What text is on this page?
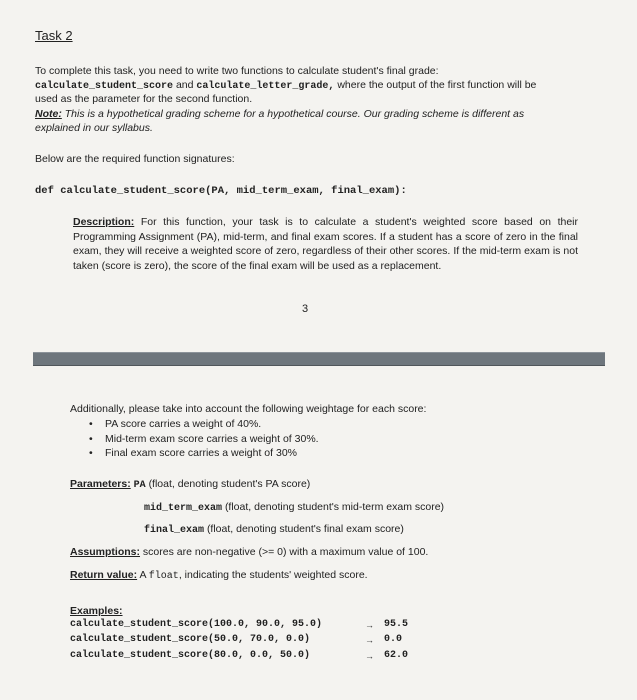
Task 2
To complete this task, you need to write two functions to calculate student's final grade:
calculate_student_score and calculate_letter_grade, where the output of the first function will be
used as the parameter for the second function.
Note: This is a hypothetical grading scheme for a hypothetical course. Our grading scheme is different as
explained in our syllabus.
Below are the required function signatures:
def calculate_student_score(PA, mid_term_exam, final_exam):
Description: For this function, your task is to calculate a student's weighted score based on their Programming Assignment (PA), mid-term, and final exam scores. If a student has a score of zero in the final exam, they will receive a weighted score of zero, regardless of their other scores. If the mid-term exam is not taken (score is zero), the score of the final exam will be used as a replacement.
3
Additionally, please take into account the following weightage for each score:
• PA score carries a weight of 40%.
• Mid-term exam score carries a weight of 30%.
• Final exam score carries a weight of 30%
Parameters: PA (float, denoting student's PA score)
mid_term_exam (float, denoting student's mid-term exam score)
final_exam (float, denoting student's final exam score)
Assumptions: scores are non-negative (>= 0) with a maximum value of 100.
Return value: A float, indicating the students' weighted score.
Examples:
calculate_student_score(100.0, 90.0, 95.0)	→ 95.5
calculate_student_score(50.0, 70.0, 0.0)	→ 0.0
calculate_student_score(80.0, 0.0, 50.0)	→ 62.0
